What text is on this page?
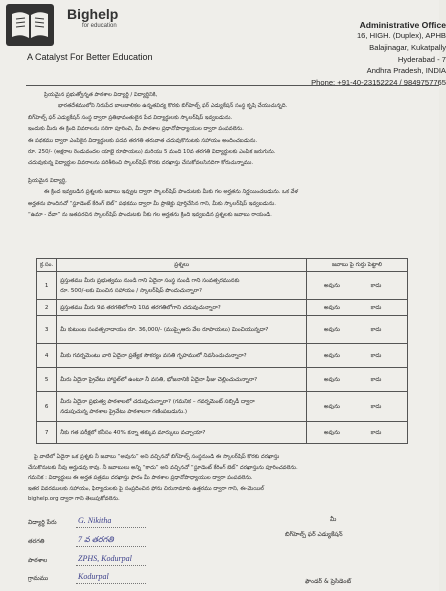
Bighelp
for education
A Catalyst For Better Education
Administrative Office
16, HIGH. (Duplex), APHB
Balajinagar, Kukatpally
Hyderabad - 7
Andhra Pradesh, INDIA
Phone: +91-40-23152224 / 9849757765
ప్రియమైన ప్రభుత్వోన్నత పాఠశాల విద్యార్థి / విద్యార్థినికి,
భారతదేశములోని నిరుపేద బాలబాలికల ఉన్నతవిద్య కొరకు బిగ్‌హెల్ప్ ఫర్ ఎడ్యుకేషన్ సంస్థ కృషి చేయుచున్నది.
బిగ్‌హెల్ప్ ఫర్ ఎడ్యుకేషన్ సంస్థ ద్వారా ప్రతిభావంతులైన పేద విద్యార్థులకు స్కాలర్‌షిప్ ఇవ్వబడును.
ఇందుకు మీరు ఈ క్రింది వివరాలను సరిగా పూరించి, మీ పాఠశాల ప్రధానోపాధ్యాయుల ద్వారా పంపవలెను.
ఈ పథకము ద్వారా ఎంపికైన విద్యార్థులకు పదవ తరగతి తరువాత చదువుకొనుటకు సహాయం అందించబడును.
రూ. 250/- (అక్షరాల రెండువందల యాభై రూపాయలు) మరియు 5 మంది 10వ తరగతి విద్యార్థులకు ఎంపిక జరుగును.
చదువుకున్న విద్యార్థుల వివరాలను పరిశీలించి స్కాలర్‌షిప్ కొరకు దరఖాస్తు చేసుకోవలసినదిగా కోరుచున్నాము.
ప్రియమైన విద్యార్థి,
ఈ క్రింద ఇవ్వబడిన ప్రశ్నలకు జవాబు ఇవ్వుట ద్వారా స్కాలర్‌షిప్ పొందుటకు మీకు గల అర్హతను నిర్ణయించబడును. ఒక వేళ
అర్హతను పొందినచో “స్టూడెంట్ కేరింగ్ బెట్” పథకము ద్వారా మీ ప్రాజెక్టు పూర్తిచేసిన గాని, మీకు స్కాలర్‌షిప్ ఇవ్వబడును.
“ఉమా - దేవా” ను జతపరచిన స్కాలర్‌షిప్ పొందుటకు నీకు గల అర్హతను క్రింది ఇవ్వబడిన ప్రశ్నలకు జవాబు రాయండి.
క్ర.సం.	ప్రశ్నలు	జవాబు పై గుర్తు పెట్టాలి
1	ప్రస్తుతము మీరు ప్రభుత్వము నుండి గాని ఏదైనా సంస్థ నుండి గాని సంవత్సరమునకు
రూ. 500/-లకు మించిన సహాయం / స్కాలర్‌షిప్ పొందుచున్నారా?	అవును కాదు
2	ప్రస్తుతము మీరు 9వ తరగతిలోగాని 10వ తరగతిలోగాని చదువుచున్నారా?	అవును కాదు
3	మీ కుటుంబ సంవత్సరాదాయం రూ. 36,000/- (ముప్పైఆరు వేల రూపాయలు) మించియున్నదా?	అవును కాదు
4	మీకు గవర్నమెంటు వారి ఏదైనా ప్రత్యేక సౌకర్యం వసతి గృహములో నివసించుచున్నారా?	అవును కాదు
5	మీరు ఏదైనా ప్రైవేటు హాస్టల్‌లో ఉంటూ నీ వసతి, భోజనానికి ఏదైనా ఫీజు చెల్లించుచున్నారా?	అవును కాదు
6	మీరు ఏదైనా ప్రభుత్వ పాఠశాలలో చదువుచున్నారా? (గమనిక – గవర్నమెంట్ సబ్సిడీ ద్వారా
నడుపుచున్న పాఠశాల ప్రైవేటు పాఠశాలగా గణింపబడును.)	అవును కాదు
7	నీకు గత పరీక్షలో కనీసం 40% కన్నా తక్కువ మార్కులు వచ్చాయా?	అవును కాదు
పై వాటిలో ఏదైనా ఒక ప్రశ్నకు నీ జవాబు “అవును” అని వచ్చినచో బిగ్‌హెల్ప్ సంస్థనుండి ఈ స్కాలర్‌షిప్ కొరకు దరఖాస్తు
చేసుకొనుటకు నీవు అర్హుడవు కావు. నీ జవాబులు అన్ని “కాదు” అని వచ్చినచో “స్టూడెంట్ కేరింగ్ బెట్” దరఖాస్తును పూరించవలెను.
గమనిక : విద్యార్థులు ఈ అర్హత పత్రము దరఖాస్తు ఫారం మీ పాఠశాల ప్రధానోపాధ్యాయుల ద్వారా పంపవలెను.
ఇతర వివరములకు సహాయం, ఫిర్యాదులకు పై సంప్రదించిన ఫోను చిరునామాకు ఉత్తరము ద్వారా గాని, ఈ-మెయిల్
bighelp.org ద్వారా గాని తెలుపుకోవలెను.
విద్యార్థి పేరు	G. Nikitha
తరగతి	7 వ తరగతి
పాఠశాల	ZPHS, Kodurpal
గ్రామము	Kodurpal
మీ
బిగ్‌హెల్ప్ ఫర్ ఎడ్యుకేషన్
ఫౌండర్ & ప్రెసిడెంట్
